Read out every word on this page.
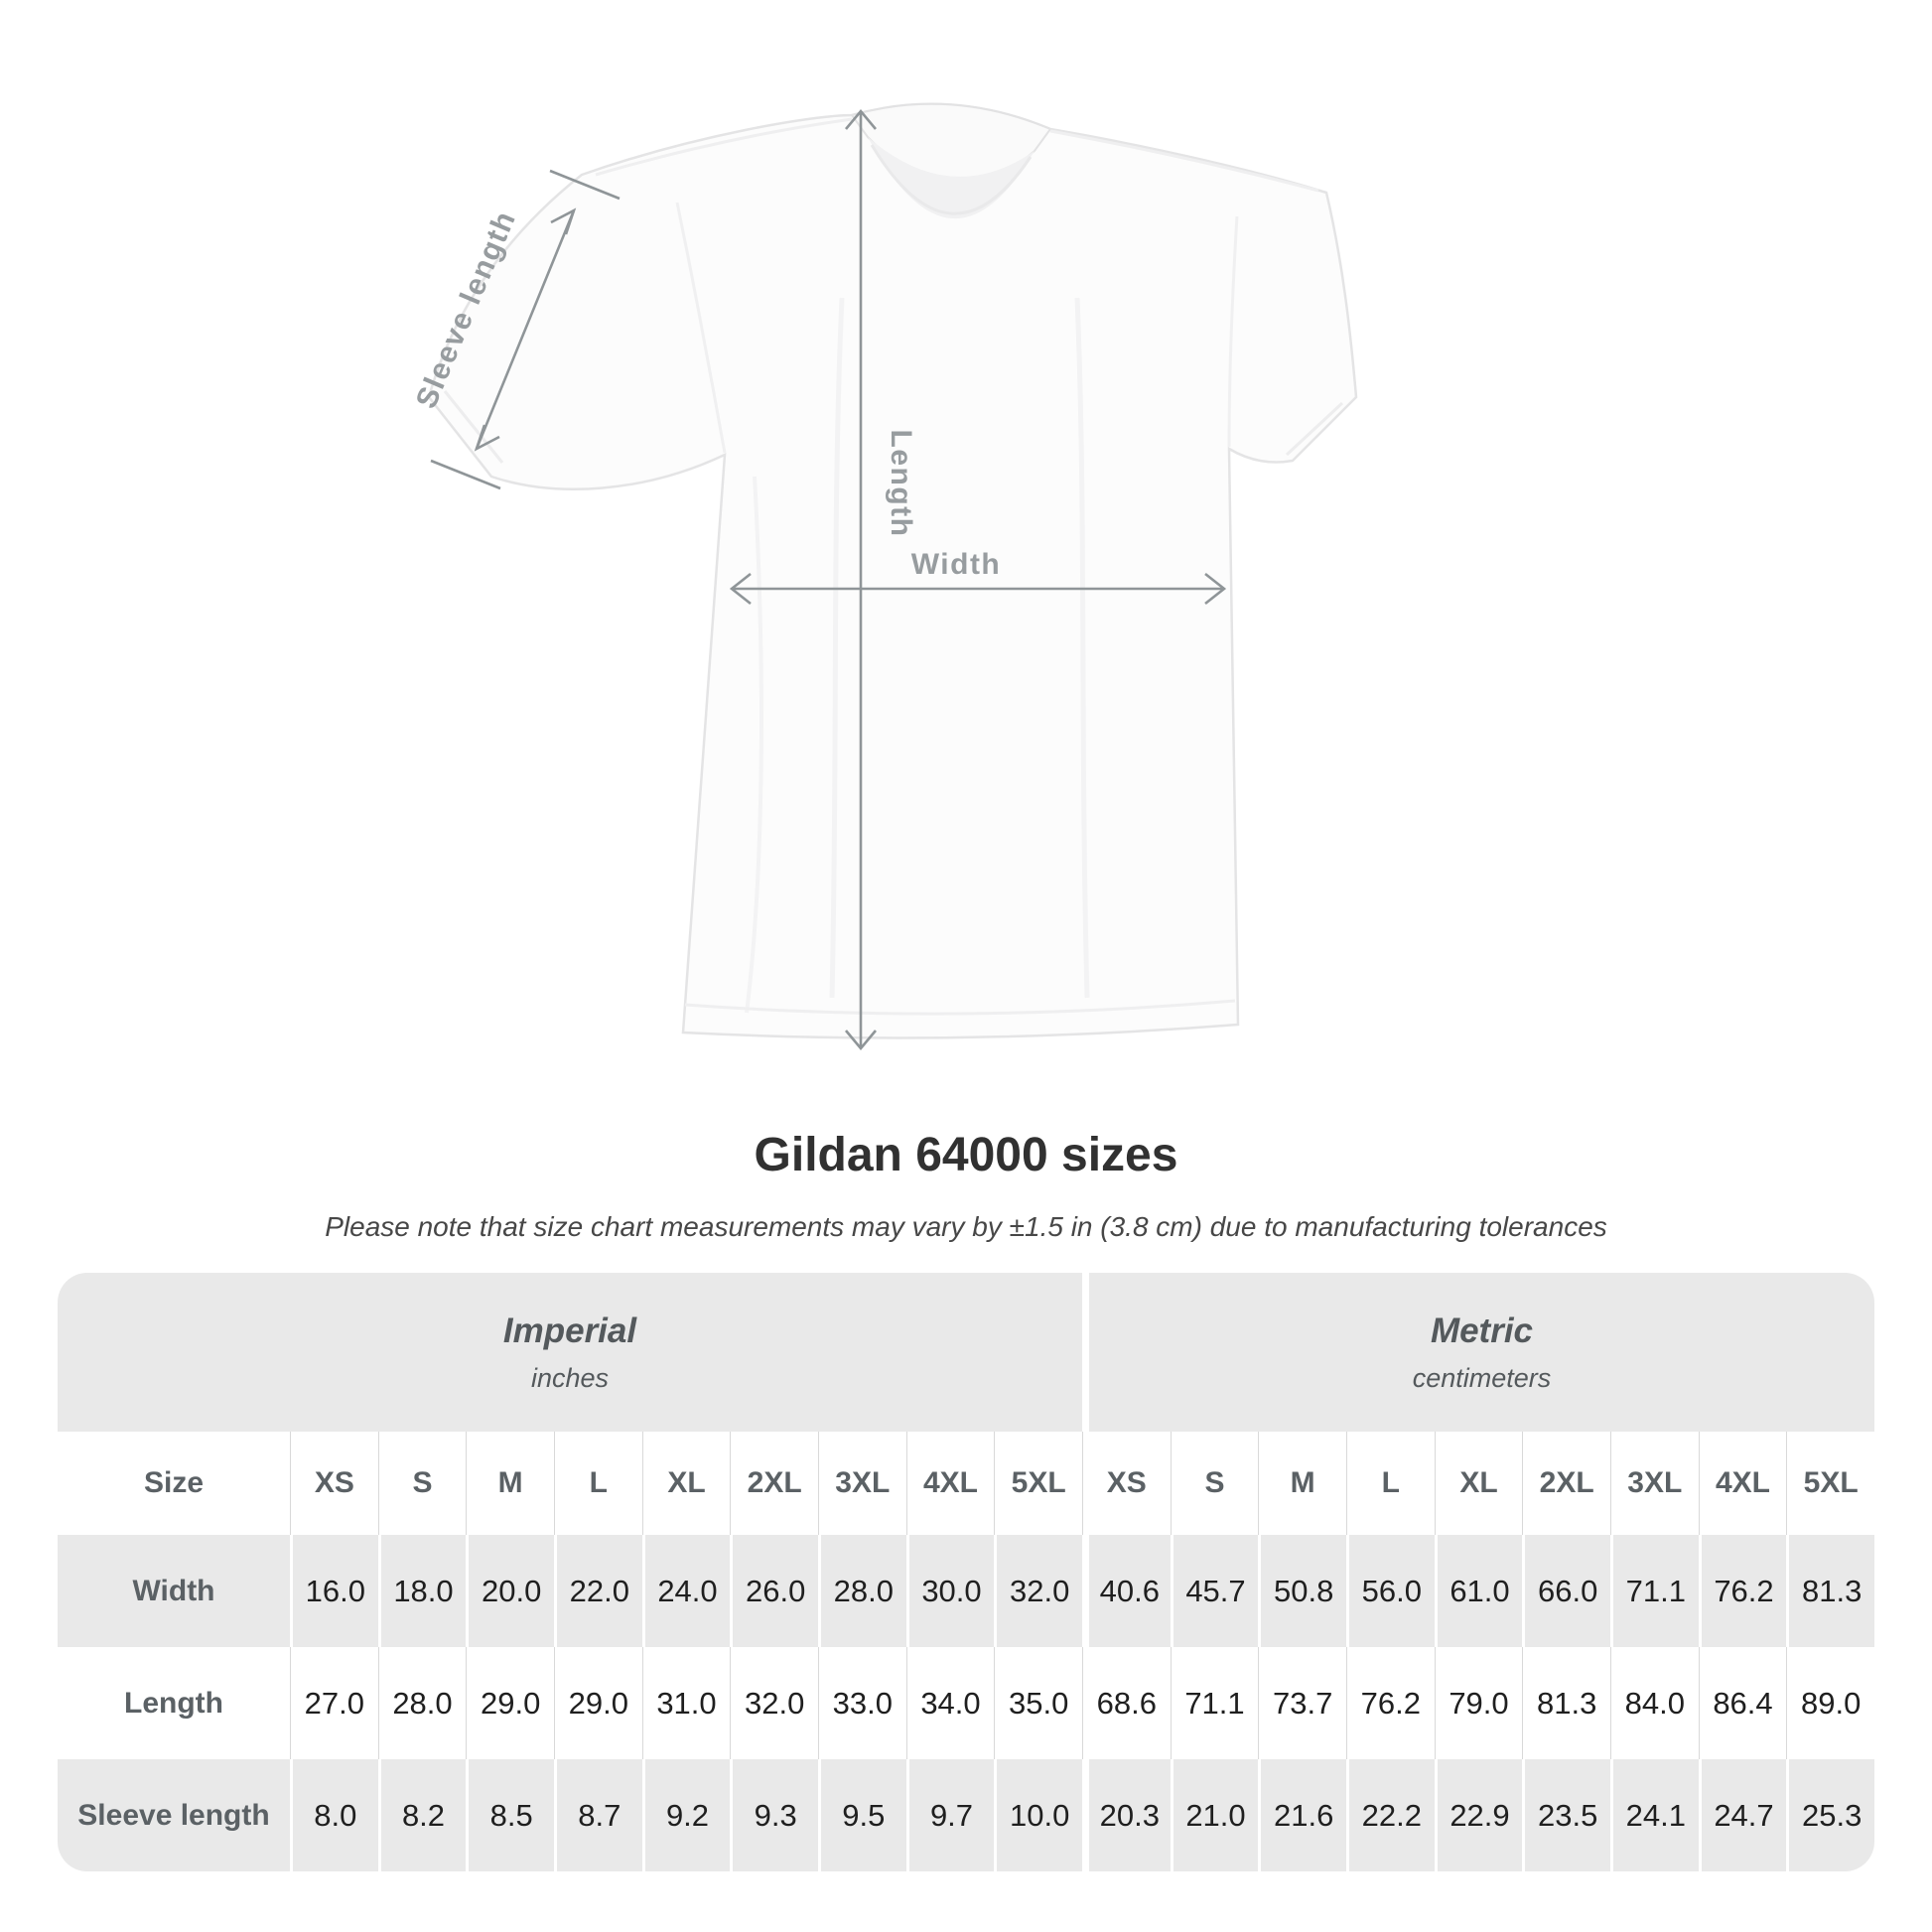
Sleeve length
Length
Width
Gildan 64000 sizes

Please note that size chart measurements may vary by ±1.5 in (3.8 cm) due to manufacturing tolerances

Imperial
inches
Metric
centimeters
Size	XS	S	M	L	XL	2XL	3XL	4XL	5XL	XS	S	M	L	XL	2XL	3XL	4XL	5XL
Width	16.0 18.0 20.0 22.0 24.0 26.0 28.0 30.0 32.0 40.6 45.7 50.8 56.0 61.0 66.0 71.1 76.2 81.3
Length	27.0 28.0 29.0 29.0 31.0 32.0 33.0 34.0 35.0 68.6 71.1 73.7 76.2 79.0 81.3 84.0 86.4 89.0
Sleeve length	8.0	8.2	8.5	8.7	9.2	9.3	9.5	9.7	10.0 20.3 21.0 21.6 22.2 22.9 23.5 24.1 24.7 25.3
